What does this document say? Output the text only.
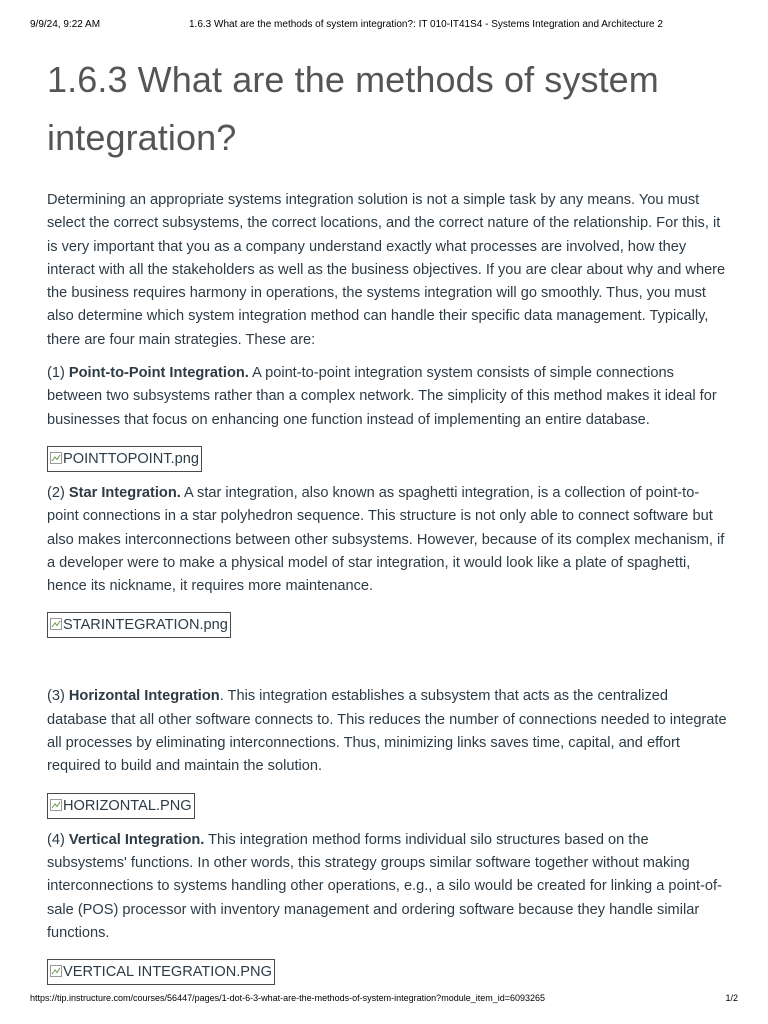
9/9/24, 9:22 AM	1.6.3 What are the methods of system integration?: IT 010-IT41S4 - Systems Integration and Architecture 2
1.6.3 What are the methods of system integration?

Determining an appropriate systems integration solution is not a simple task by any means. You must select the correct subsystems, the correct locations, and the correct nature of the relationship. For this, it is very important that you as a company understand exactly what processes are involved, how they interact with all the stakeholders as well as the business objectives. If you are clear about why and where the business requires harmony in operations, the systems integration will go smoothly. Thus, you must also determine which system integration method can handle their specific data management. Typically, there are four main strategies. These are:

(1) Point-to-Point Integration. A point-to-point integration system consists of simple connections between two subsystems rather than a complex network. The simplicity of this method makes it ideal for businesses that focus on enhancing one function instead of implementing an entire database.

POINTTOPOINT.png

(2) Star Integration. A star integration, also known as spaghetti integration, is a collection of point-to-point connections in a star polyhedron sequence. This structure is not only able to connect software but also makes interconnections between other subsystems. However, because of its complex mechanism, if a developer were to make a physical model of star integration, it would look like a plate of spaghetti, hence its nickname, it requires more maintenance.

STARINTEGRATION.png

(3) Horizontal Integration. This integration establishes a subsystem that acts as the centralized database that all other software connects to. This reduces the number of connections needed to integrate all processes by eliminating interconnections. Thus, minimizing links saves time, capital, and effort required to build and maintain the solution.

HORIZONTAL.PNG

(4) Vertical Integration. This integration method forms individual silo structures based on the subsystems' functions. In other words, this strategy groups similar software together without making interconnections to systems handling other operations, e.g., a silo would be created for linking a point-of-sale (POS) processor with inventory management and ordering software because they handle similar functions.

VERTICAL INTEGRATION.PNG
https://tip.instructure.com/courses/56447/pages/1-dot-6-3-what-are-the-methods-of-system-integration?module_item_id=6093265	1/2
